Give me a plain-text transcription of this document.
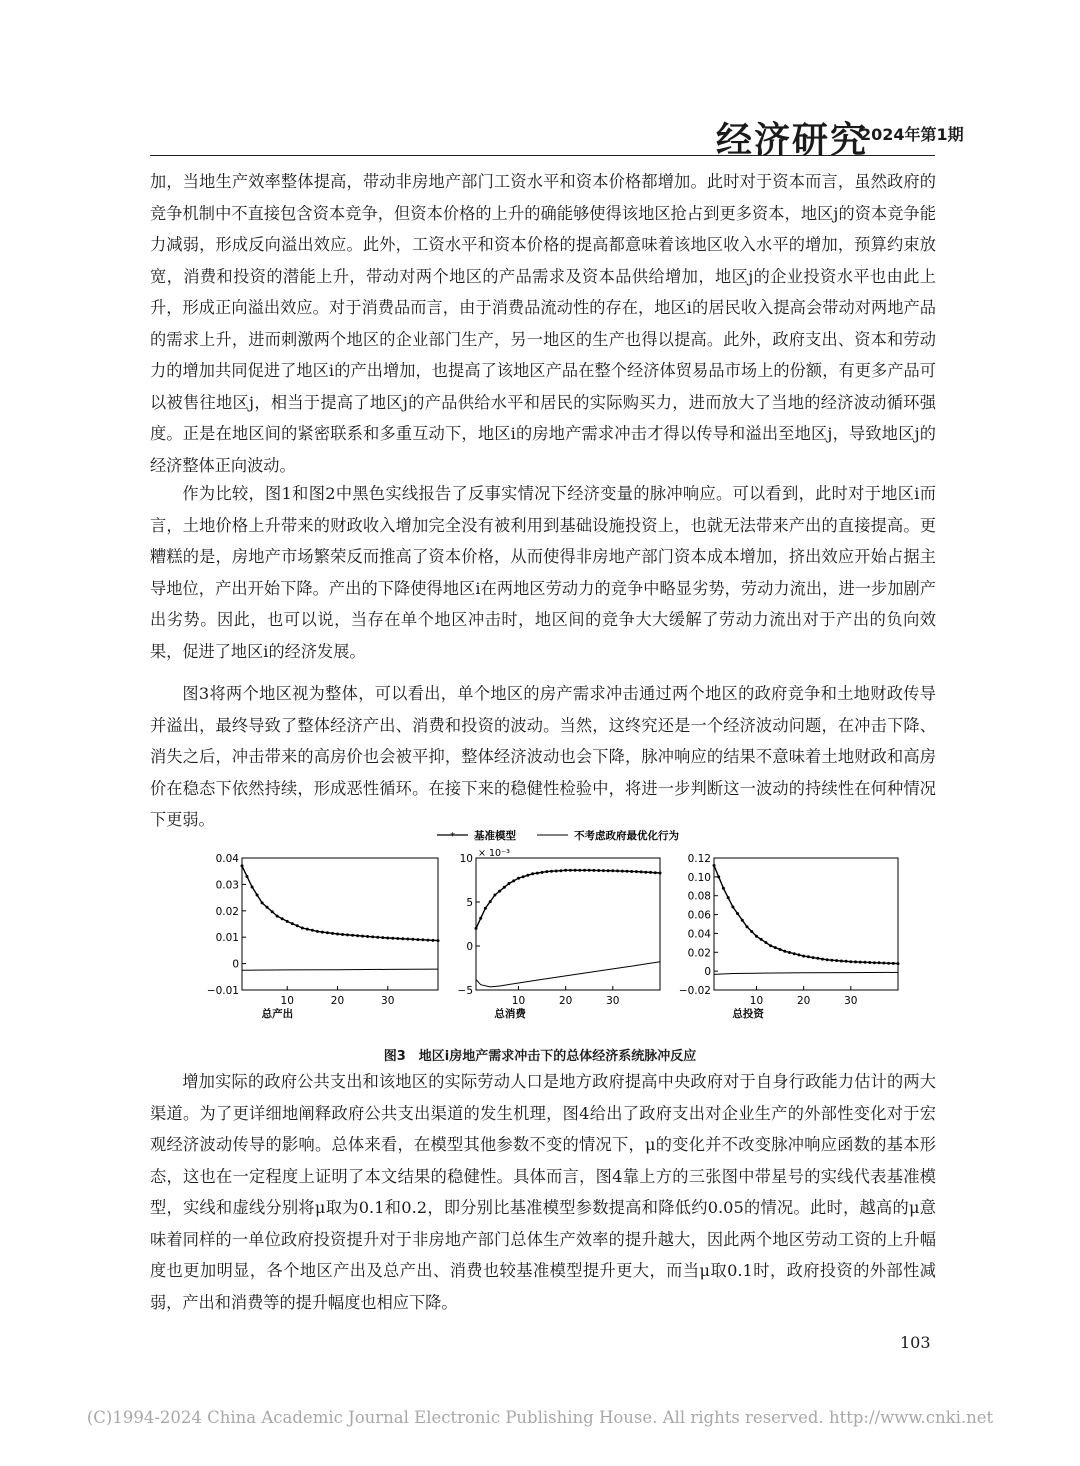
经济研究
2024年第1期

加，当地生产效率整体提高，带动非房地产部门工资水平和资本价格都增加。此时对于资本而言，虽然政府的竞争机制中不直接包含资本竞争，但资本价格的上升的确能够使得该地区抢占到更多资本，地区j的资本竞争能力减弱，形成反向溢出效应。此外，工资水平和资本价格的提高都意味着该地区收入水平的增加，预算约束放宽，消费和投资的潜能上升，带动对两个地区的产品需求及资本品供给增加，地区j的企业投资水平也由此上升，形成正向溢出效应。对于消费品而言，由于消费品流动性的存在，地区i的居民收入提高会带动对两地产品的需求上升，进而刺激两个地区的企业部门生产，另一地区的生产也得以提高。此外，政府支出、资本和劳动力的增加共同促进了地区i的产出增加，也提高了该地区产品在整个经济体贸易品市场上的份额，有更多产品可以被售往地区j，相当于提高了地区j的产品供给水平和居民的实际购买力，进而放大了当地的经济波动循环强度。正是在地区间的紧密联系和多重互动下，地区i的房地产需求冲击才得以传导和溢出至地区j，导致地区j的经济整体正向波动。

作为比较，图1和图2中黑色实线报告了反事实情况下经济变量的脉冲响应。可以看到，此时对于地区i而言，土地价格上升带来的财政收入增加完全没有被利用到基础设施投资上，也就无法带来产出的直接提高。更糟糕的是，房地产市场繁荣反而推高了资本价格，从而使得非房地产部门资本成本增加，挤出效应开始占据主导地位，产出开始下降。产出的下降使得地区i在两地区劳动力的竞争中略显劣势，劳动力流出，进一步加剧产出劣势。因此，也可以说，当存在单个地区冲击时，地区间的竞争大大缓解了劳动力流出对于产出的负向效果，促进了地区i的经济发展。

图3将两个地区视为整体，可以看出，单个地区的房产需求冲击通过两个地区的政府竞争和土地财政传导并溢出，最终导致了整体经济产出、消费和投资的波动。当然，这终究还是一个经济波动问题，在冲击下降、消失之后，冲击带来的高房价也会被平抑，整体经济波动也会下降，脉冲响应的结果不意味着土地财政和高房价在稳态下依然持续，形成恶性循环。在接下来的稳健性检验中，将进一步判断这一波动的持续性在何种情况下更弱。

* 基准模型	不考虑政府最优化行为
0.04
0.03
0.02
0.01
0
−0.01
10	20	30
总产出
10
5
0
−5
10	20	30
总消费
× 10⁻³	0.12
0.10
0.08
0.06
0.04
0.02
0
−0.02
10	20	30
总投资
图3　地区i房地产需求冲击下的总体经济系统脉冲反应

增加实际的政府公共支出和该地区的实际劳动人口是地方政府提高中央政府对于自身行政能力估计的两大渠道。为了更详细地阐释政府公共支出渠道的发生机理，图4给出了政府支出对企业生产的外部性变化对于宏观经济波动传导的影响。总体来看，在模型其他参数不变的情况下，μ的变化并不改变脉冲响应函数的基本形态，这也在一定程度上证明了本文结果的稳健性。具体而言，图4靠上方的三张图中带星号的实线代表基准模型，实线和虚线分别将μ取为0.1和0.2，即分别比基准模型参数提高和降低约0.05的情况。此时，越高的μ意味着同样的一单位政府投资提升对于非房地产部门总体生产效率的提升越大，因此两个地区劳动工资的上升幅度也更加明显，各个地区产出及总产出、消费也较基准模型提升更大，而当μ取0.1时，政府投资的外部性减弱，产出和消费等的提升幅度也相应下降。

103
(C)1994-2024 China Academic Journal Electronic Publishing House. All rights reserved. http://www.cnki.net
